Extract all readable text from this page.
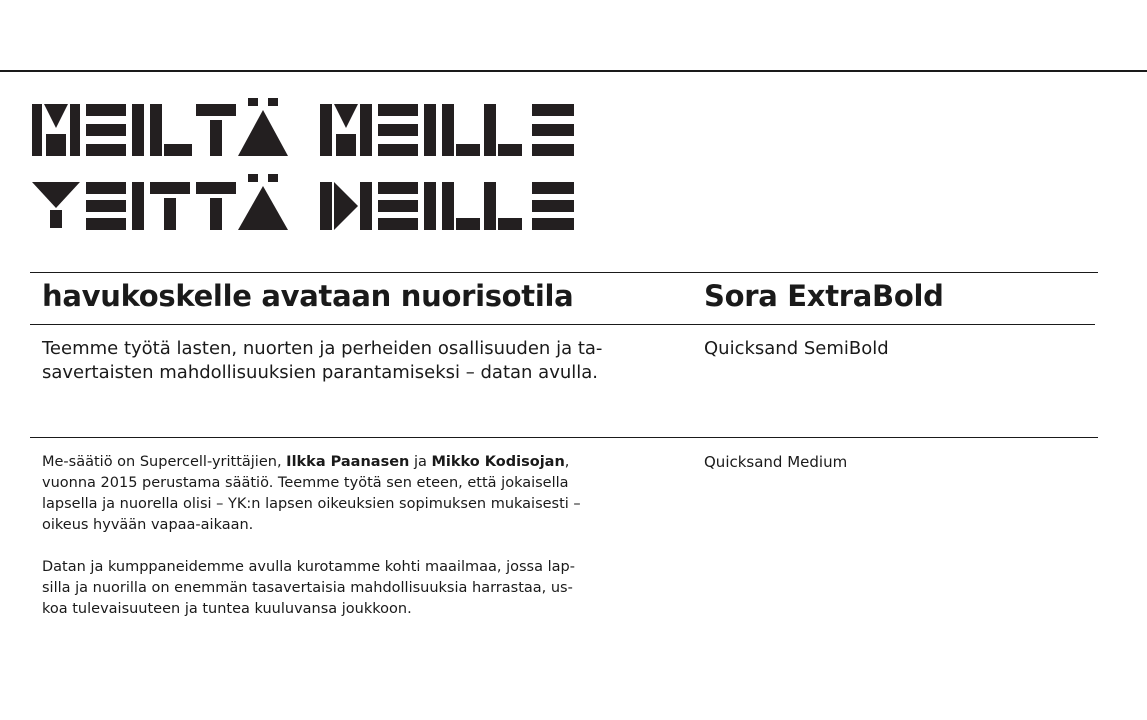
havukoskelle avataan nuorisotila	Sora ExtraBold

Teemme työtä lasten, nuorten ja perheiden osallisuuden ja ta-
savertaisten mahdollisuuksien parantamiseksi – datan avulla.

Quicksand SemiBold

Me-säätiö on Supercell-yrittäjien, Ilkka Paanasen ja Mikko Kodisojan,
vuonna 2015 perustama säätiö. Teemme työtä sen eteen, että jokaisella
lapsella ja nuorella olisi – YK:n lapsen oikeuksien sopimuksen mukaisesti –
oikeus hyvään vapaa-aikaan.

Datan ja kumppaneidemme avulla kurotamme kohti maailmaa, jossa lap-
silla ja nuorilla on enemmän tasavertaisia mahdollisuuksia harrastaa, us-
koa tulevaisuuteen ja tuntea kuuluvansa joukkoon.

Quicksand Medium
